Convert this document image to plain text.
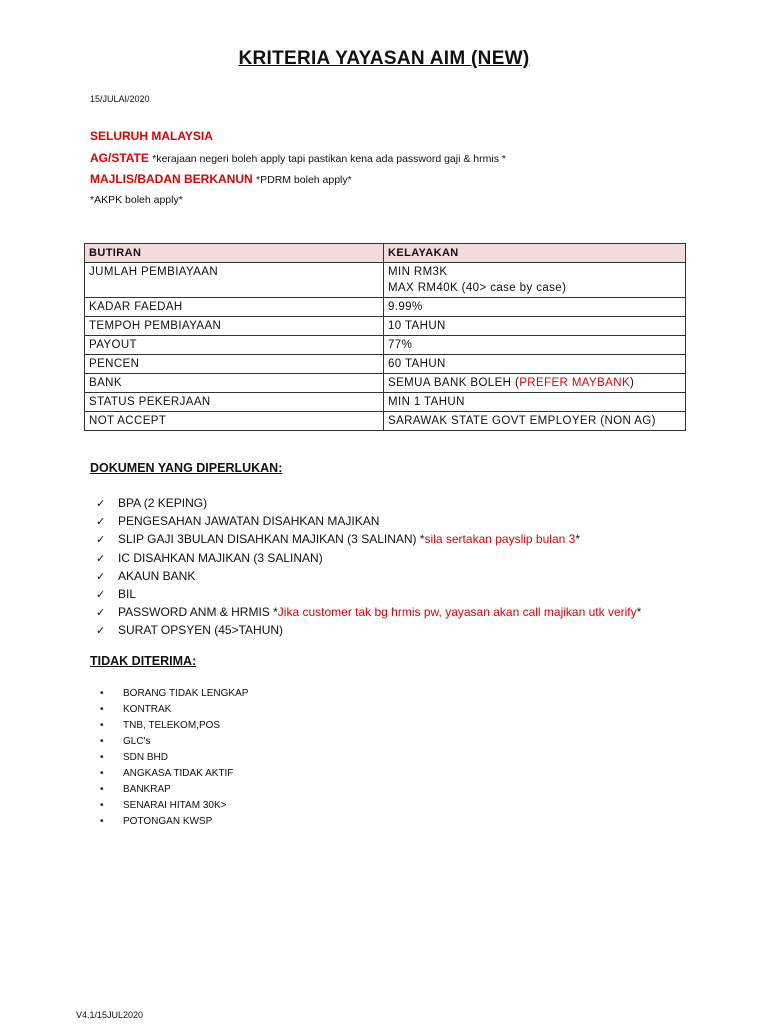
KRITERIA YAYASAN AIM (NEW)
15/JULAI/2020
SELURUH MALAYSIA
AG/STATE *kerajaan negeri boleh apply tapi pastikan kena ada password gaji & hrmis *
MAJLIS/BADAN BERKANUN *PDRM boleh apply*
*AKPK boleh apply*
BUTIRAN	KELAYAKAN
JUMLAH PEMBIAYAAN	MIN RM3K
MAX RM40K (40> case by case)

KADAR FAEDAH	9.99%
TEMPOH PEMBIAYAAN	10 TAHUN
PAYOUT	77%
PENCEN	60 TAHUN
BANK	SEMUA BANK BOLEH (PREFER MAYBANK)
STATUS PEKERJAAN	MIN 1 TAHUN
NOT ACCEPT	SARAWAK STATE GOVT EMPLOYER (NON AG)
DOKUMEN YANG DIPERLUKAN:
✓ BPA (2 KEPING)
✓ PENGESAHAN JAWATAN DISAHKAN MAJIKAN
✓ SLIP GAJI 3BULAN DISAHKAN MAJIKAN (3 SALINAN) *sila sertakan payslip bulan 3*
✓ IC DISAHKAN MAJIKAN (3 SALINAN)
✓ AKAUN BANK
✓ BIL
✓ PASSWORD ANM & HRMIS *Jika customer tak bg hrmis pw, yayasan akan call majikan utk verify*
✓ SURAT OPSYEN (45>TAHUN)
TIDAK DITERIMA:
• BORANG TIDAK LENGKAP
• KONTRAK
• TNB, TELEKOM,POS
• GLC's
• SDN BHD
• ANGKASA TIDAK AKTIF
• BANKRAP
• SENARAI HITAM 30K>
• POTONGAN KWSP
V4.1/15JUL2020
